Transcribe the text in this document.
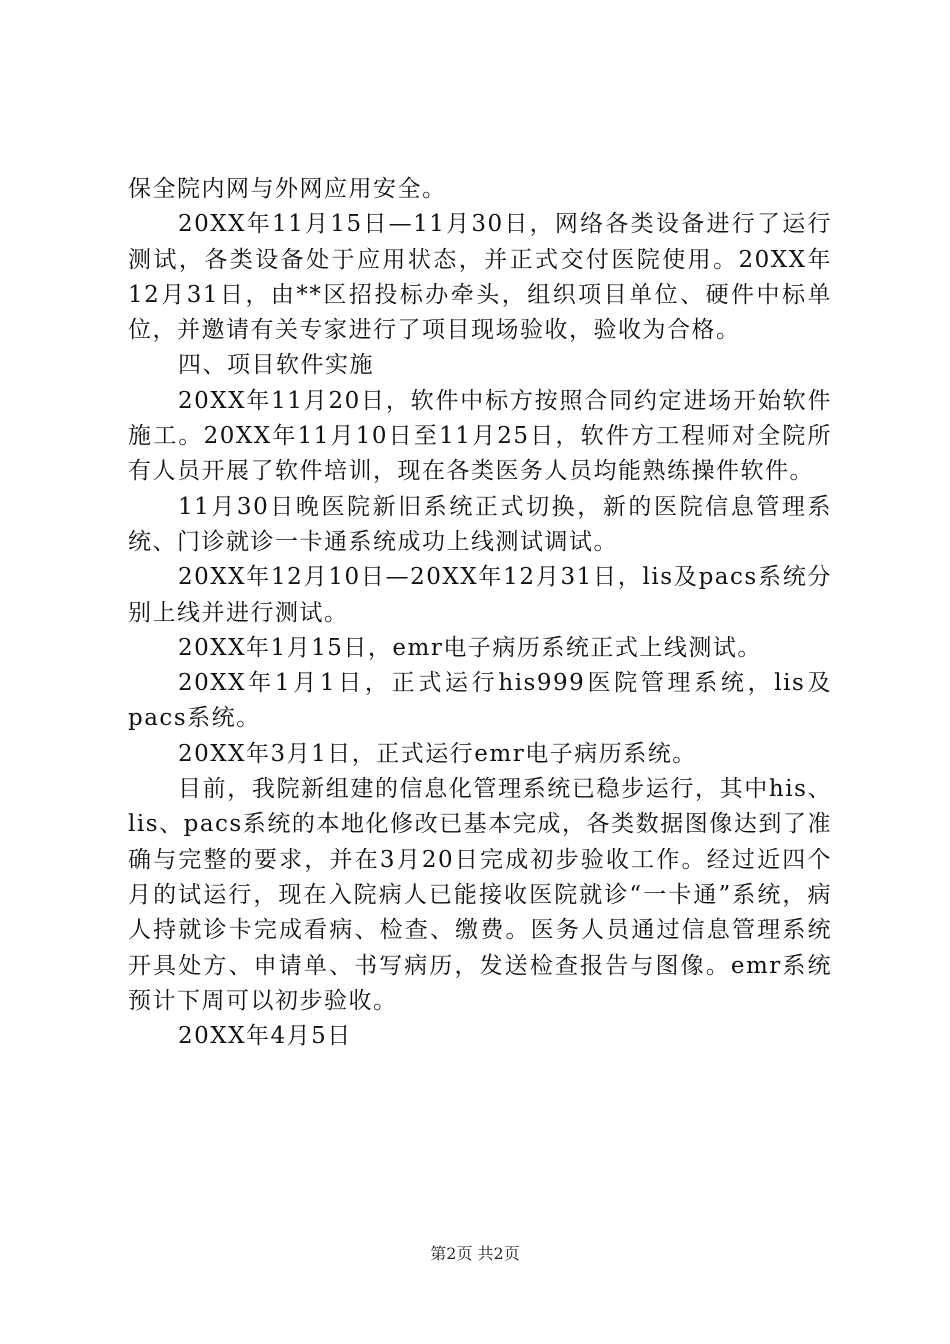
保全院内网与外网应用安全。

20XX年11月15日—11月30日，网络各类设备进行了运行测试，各类设备处于应用状态，并正式交付医院使用。20XX年12月31日，由**区招投标办牵头，组织项目单位、硬件中标单位，并邀请有关专家进行了项目现场验收，验收为合格。

四、项目软件实施

20XX年11月20日，软件中标方按照合同约定进场开始软件施工。20XX年11月10日至11月25日，软件方工程师对全院所有人员开展了软件培训，现在各类医务人员均能熟练操件软件。

11月30日晚医院新旧系统正式切换，新的医院信息管理系统、门诊就诊一卡通系统成功上线测试调试。

20XX年12月10日—20XX年12月31日，lis及pacs系统分别上线并进行测试。

20XX年1月15日，emr电子病历系统正式上线测试。

20XX年1月1日，正式运行his999医院管理系统，lis及pacs系统。

20XX年3月1日，正式运行emr电子病历系统。

目前，我院新组建的信息化管理系统已稳步运行，其中his、lis、pacs系统的本地化修改已基本完成，各类数据图像达到了准确与完整的要求，并在3月20日完成初步验收工作。经过近四个月的试运行，现在入院病人已能接收医院就诊“一卡通”系统，病人持就诊卡完成看病、检查、缴费。医务人员通过信息管理系统开具处方、申请单、书写病历，发送检查报告与图像。emr系统预计下周可以初步验收。

20XX年4月5日

第2页 共2页
